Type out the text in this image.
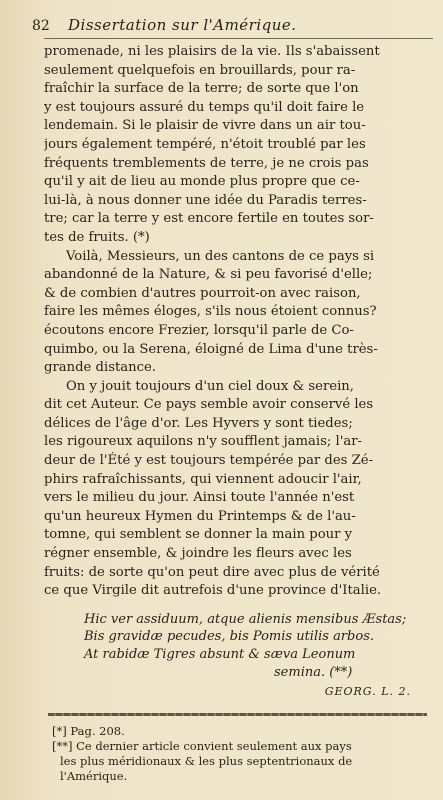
82	Dissertation sur l'Amérique.
promenade, ni les plaisirs de la vie. Ils s'abaissent
seulement quelquefois en brouillards, pour ra-
fraîchir la surface de la terre; de sorte que l'on
y est toujours assuré du temps qu'il doit faire le
lendemain. Si le plaisir de vivre dans un air tou-
jours également tempéré, n'étoit troublé par les
fréquents tremblements de terre, je ne crois pas
qu'il y ait de lieu au monde plus propre que ce-
lui-là, à nous donner une idée du Paradis terres-
tre; car la terre y est encore fertile en toutes sor-
tes de fruits. (*)
Voilà, Messieurs, un des cantons de ce pays si
abandonné de la Nature, & si peu favorisé d'elle;
& de combien d'autres pourroit-on avec raison,
faire les mêmes éloges, s'ils nous étoient connus?
écoutons encore Frezier, lorsqu'il parle de Co-
quimbo, ou la Serena, éloigné de Lima d'une très-
grande distance.
On y jouit toujours d'un ciel doux & serein,
dit cet Auteur. Ce pays semble avoir conservé les
délices de l'âge d'or. Les Hyvers y sont tiedes;
les rigoureux aquilons n'y soufflent jamais; l'ar-
deur de l'Été y est toujours tempérée par des Zé-
phirs rafraîchissants, qui viennent adoucir l'air,
vers le milieu du jour. Ainsi toute l'année n'est
qu'un heureux Hymen du Printemps & de l'au-
tomne, qui semblent se donner la main pour y
régner ensemble, & joindre les fleurs avec les
fruits: de sorte qu'on peut dire avec plus de vérité
ce que Virgile dit autrefois d'une province d'Italie.
Hic ver assiduum, atque alienis mensibus Æstas;
Bis gravidæ pecudes, bis Pomis utilis arbos.
At rabidæ Tigres absunt & sæva Leonum
semina. (**)
GEORG. L. 2.
[*] Pag. 208.
[**] Ce dernier article convient seulement aux pays
les plus méridionaux & les plus septentrionaux de
l'Amérique.
